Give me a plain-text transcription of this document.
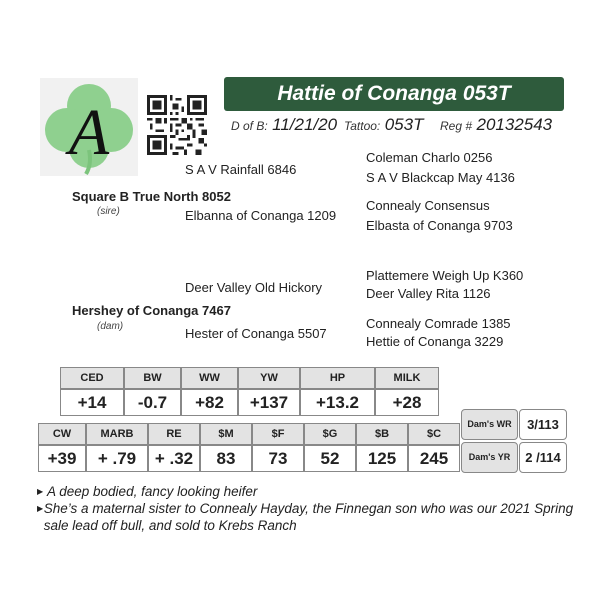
A
Hattie of Conanga 053T
D of B: 11/21/20 Tattoo: 053T Reg # 20132543
S A V Rainfall 6846
Square B True North 8052
(sire)	Elbanna of Conanga 1209
Coleman Charlo 0256
S A V Blackcap May 4136
Connealy Consensus
Elbasta of Conanga 9703
Deer Valley Old Hickory
Hershey of Conanga 7467
(dam)	Hester of Conanga 5507
Plattemere Weigh Up K360
Deer Valley Rita 1126
Connealy Comrade 1385
Hettie of Conanga 3229
CED	BW	WW	YW	HP	MILK
+14	-0.7	+82	+137	+13.2	+28
CW	MARB	RE	$M	$F	$G	$B	$C
+39	+ .79	+ .32	83	73	52	125	245
Dam's WR	3/113
Dam's YR	2 /114
▶ A deep bodied, fancy looking heifer
▶ She’s a maternal sister to Connealy Hayday, the Finnegan son who was our 2021 Spring sale lead off bull, and sold to Krebs Ranch
